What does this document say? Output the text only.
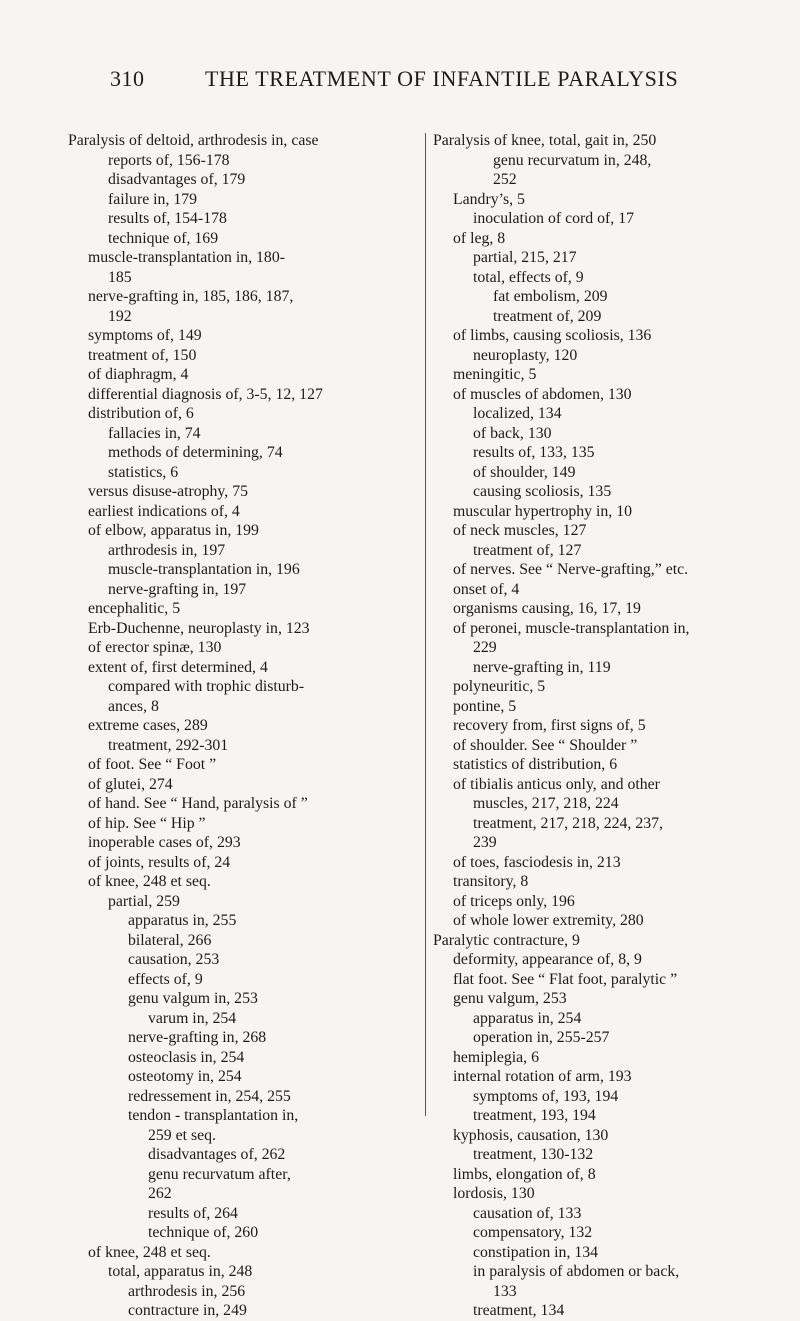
310	THE TREATMENT OF INFANTILE PARALYSIS
Paralysis of deltoid, arthrodesis in, case
reports of, 156-178
disadvantages of, 179
failure in, 179
results of, 154-178
technique of, 169
muscle-transplantation in, 180-
185
nerve-grafting in, 185, 186, 187,
192
symptoms of, 149
treatment of, 150
of diaphragm, 4
differential diagnosis of, 3-5, 12, 127
distribution of, 6
fallacies in, 74
methods of determining, 74
statistics, 6
versus disuse-atrophy, 75
earliest indications of, 4
of elbow, apparatus in, 199
arthrodesis in, 197
muscle-transplantation in, 196
nerve-grafting in, 197
encephalitic, 5
Erb-Duchenne, neuroplasty in, 123
of erector spinæ, 130
extent of, first determined, 4
compared with trophic disturb-
ances, 8
extreme cases, 289
treatment, 292-301
of foot. See “ Foot ”
of glutei, 274
of hand. See “ Hand, paralysis of ”
of hip. See “ Hip ”
inoperable cases of, 293
of joints, results of, 24
of knee, 248 et seq.
partial, 259
apparatus in, 255
bilateral, 266
causation, 253
effects of, 9
genu valgum in, 253
varum in, 254
nerve-grafting in, 268
osteoclasis in, 254
osteotomy in, 254
redressement in, 254, 255
tendon - transplantation in,
259 et seq.
disadvantages of, 262
genu recurvatum after,
262
results of, 264
technique of, 260
of knee, 248 et seq.
total, apparatus in, 248
arthrodesis in, 256
contracture in, 249
Paralysis of knee, total, gait in, 250
genu recurvatum in, 248,
252
Landry’s, 5
inoculation of cord of, 17
of leg, 8
partial, 215, 217
total, effects of, 9
fat embolism, 209
treatment of, 209
of limbs, causing scoliosis, 136
neuroplasty, 120
meningitic, 5
of muscles of abdomen, 130
localized, 134
of back, 130
results of, 133, 135
of shoulder, 149
causing scoliosis, 135
muscular hypertrophy in, 10
of neck muscles, 127
treatment of, 127
of nerves. See “ Nerve-grafting,” etc.
onset of, 4
organisms causing, 16, 17, 19
of peronei, muscle-transplantation in,
229
nerve-grafting in, 119
polyneuritic, 5
pontine, 5
recovery from, first signs of, 5
of shoulder. See “ Shoulder ”
statistics of distribution, 6
of tibialis anticus only, and other
muscles, 217, 218, 224
treatment, 217, 218, 224, 237,
239
of toes, fasciodesis in, 213
transitory, 8
of triceps only, 196
of whole lower extremity, 280
Paralytic contracture, 9
deformity, appearance of, 8, 9
flat foot. See “ Flat foot, paralytic ”
genu valgum, 253
apparatus in, 254
operation in, 255-257
hemiplegia, 6
internal rotation of arm, 193
symptoms of, 193, 194
treatment, 193, 194
kyphosis, causation, 130
treatment, 130-132
limbs, elongation of, 8
lordosis, 130
causation of, 133
compensatory, 132
constipation in, 134
in paralysis of abdomen or back,
133
treatment, 134
